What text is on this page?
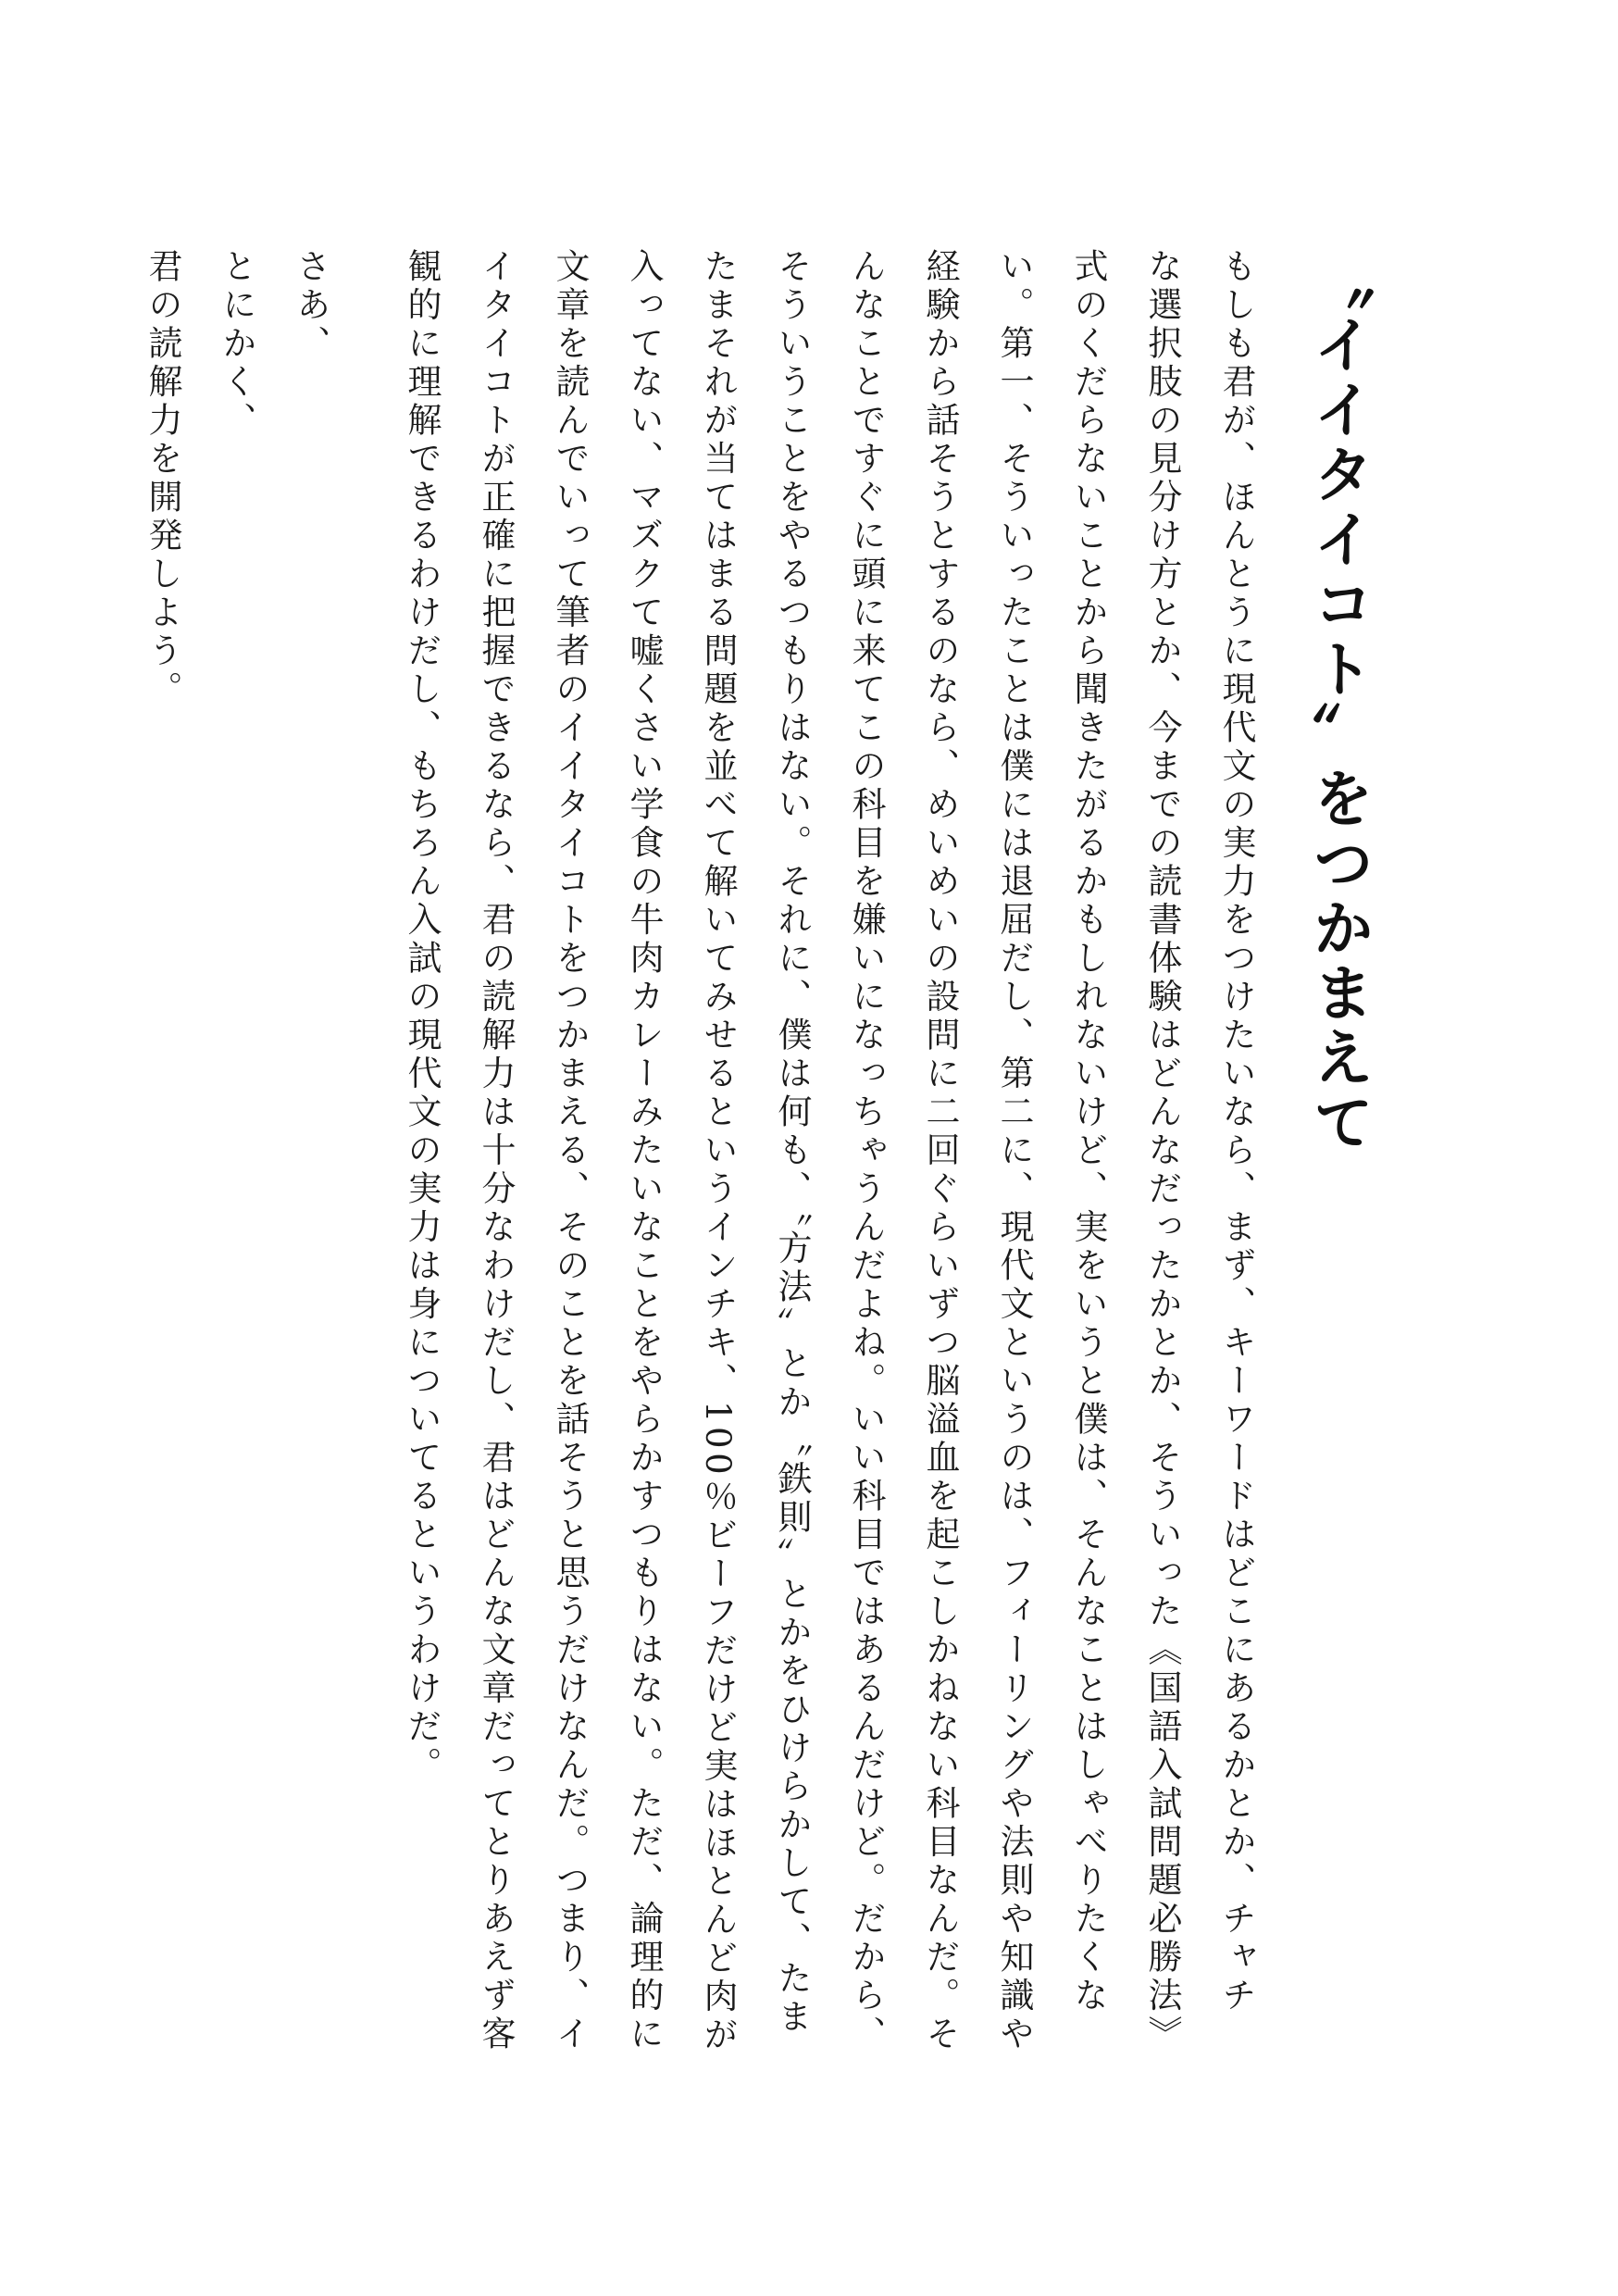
〝イイタイコト〟をつかまえて
もしも君が、ほんとうに現代文の実力をつけたいなら、まず、キーワードはどこにあるかとか、チャチ
な選択肢の見分け方とか、今までの読書体験はどんなだったかとか、そういった《国語入試問題必勝法》
式のくだらないことから聞きたがるかもしれないけど、実をいうと僕は、そんなことはしゃべりたくな
い。第一、そういったことは僕には退屈だし、第二に、現代文というのは、フィーリングや法則や知識や
経験から話そうとするのなら、めいめいの設問に二回ぐらいずつ脳溢血を起こしかねない科目なんだ。そ
んなことですぐに頭に来てこの科目を嫌いになっちゃうんだよね。いい科目ではあるんだけど。だから、
そういうことをやるつもりはない。それに、僕は何も、〝方法〟とか〝鉄則〟とかをひけらかして、たま
たまそれが当てはまる問題を並べて解いてみせるというインチキ、100％ビーフだけど実はほとんど肉が
入ってない、マズクて嘘くさい学食の牛肉カレーみたいなことをやらかすつもりはない。ただ、論理的に
文章を読んでいって筆者のイイタイコトをつかまえる、そのことを話そうと思うだけなんだ。つまり、イ
イタイコトが正確に把握できるなら、君の読解力は十分なわけだし、君はどんな文章だってとりあえず客
観的に理解できるわけだし、もちろん入試の現代文の実力は身についてるというわけだ。
さあ、
とにかく、
君の読解力を開発しよう。
